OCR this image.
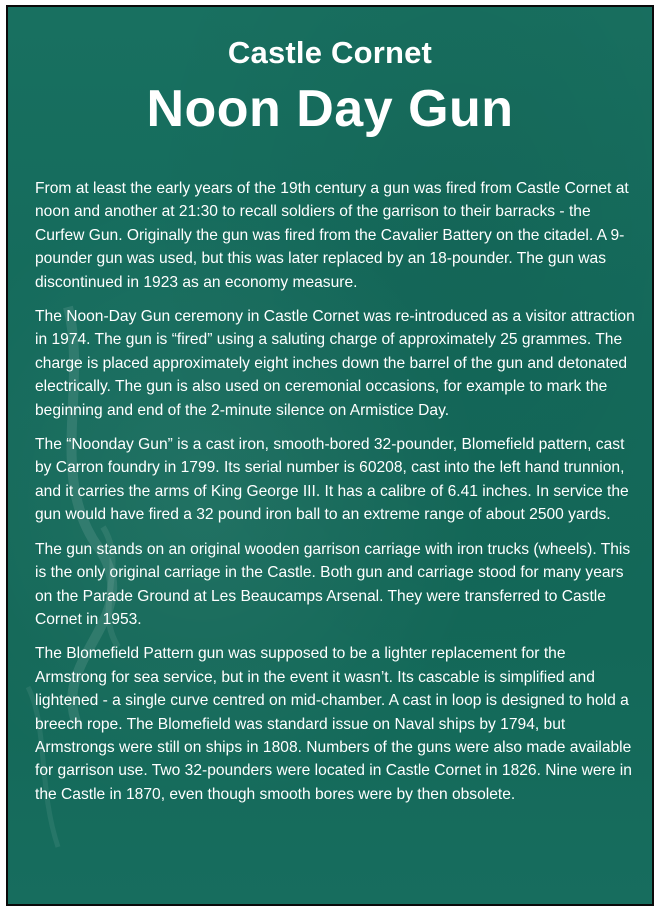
Castle Cornet
Noon Day Gun

From at least the early years of the 19th century a gun was fired from Castle Cornet at noon and another at 21:30 to recall soldiers of the garrison to their barracks - the Curfew Gun. Originally the gun was fired from the Cavalier Battery on the citadel. A 9-pounder gun was used, but this was later replaced by an 18-pounder. The gun was discontinued in 1923 as an economy measure.

The Noon-Day Gun ceremony in Castle Cornet was re-introduced as a visitor attraction in 1974. The gun is “fired” using a saluting charge of approximately 25 grammes. The charge is placed approximately eight inches down the barrel of the gun and detonated electrically. The gun is also used on ceremonial occasions, for example to mark the beginning and end of the 2-minute silence on Armistice Day.

The “Noonday Gun” is a cast iron, smooth-bored 32-pounder, Blomefield pattern, cast by Carron foundry in 1799. Its serial number is 60208, cast into the left hand trunnion, and it carries the arms of King George III. It has a calibre of 6.41 inches. In service the gun would have fired a 32 pound iron ball to an extreme range of about 2500 yards.

The gun stands on an original wooden garrison carriage with iron trucks (wheels). This is the only original carriage in the Castle. Both gun and carriage stood for many years on the Parade Ground at Les Beaucamps Arsenal. They were transferred to Castle Cornet in 1953.

The Blomefield Pattern gun was supposed to be a lighter replacement for the Armstrong for sea service, but in the event it wasn’t. Its cascable is simplified and lightened - a single curve centred on mid-chamber. A cast in loop is designed to hold a breech rope. The Blomefield was standard issue on Naval ships by 1794, but Armstrongs were still on ships in 1808. Numbers of the guns were also made available for garrison use. Two 32-pounders were located in Castle Cornet in 1826. Nine were in the Castle in 1870, even though smooth bores were by then obsolete.
